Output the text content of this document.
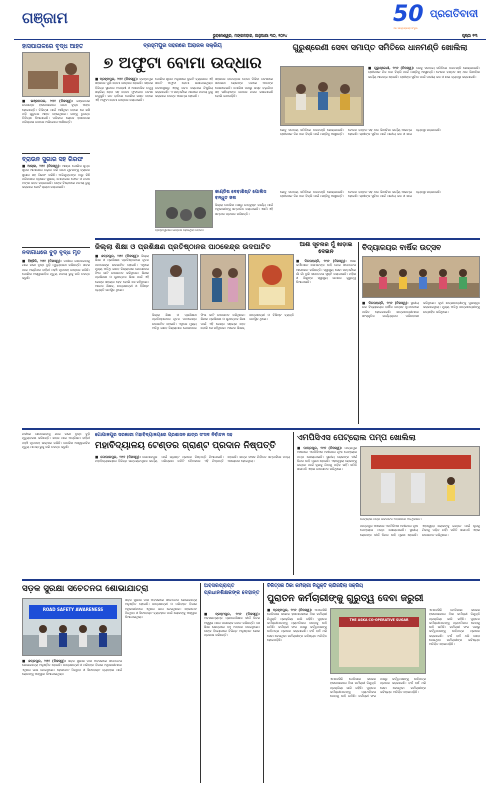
ଗଞ୍ଜାମ	50
ଏକ ସତ୍ୟାଶ୍ରୟୀ ସଂସ୍ଥାନ
ପ୍ରଗତିବାଦୀ
ଭୁବନେଶ୍ୱର, ମଙ୍ଗଳବାର, ଜାନୁଆରୀ ୩୦, ୨୦୨୪	ପୃଷ୍ଠା ୧୩
ହାସପାତାଳରେ ବୃଦ୍ଧ ଆହତ
■ ଭଞ୍ଜନଗର, ୨୯ା୧ (ନିଜସ୍ୱ): ଭଞ୍ଜନଗର ଉପଖଣ୍ଡ ହାସପାତାଳରେ ଜଣେ ବୃଦ୍ଧ ଆହତ ହୋଇଛନ୍ତି। ଚିକିତ୍ସା ପାଇଁ ଆସିଥିବା ବେଳେ ସେ ଖସି ପଡ଼ି ଗୁରୁତର ଆହତ ହୋଇଥିଲେ। ତାଙ୍କୁ ତୁରନ୍ତ ଚିକିତ୍ସା ଦିଆଯାଇଛି। ପରିବାର ଲୋକେ ହାସପାତାଳ ପରିଚାଳନା ଉପରେ ଅଭିଯୋଗ ଆଣିଛନ୍ତି।
ବ୍ରହ୍ମପୁର ସହରରେ ଅରାଜକ ସକ୍ରିୟ
୭ ଅଫୁଟା ବୋମା ଉଦ୍ଧାର
■ ବ୍ରହ୍ମପୁର, ୨୯ା୧ (ନିଜସ୍ୱ): ବ୍ରହ୍ମପୁର ସହରରେ ପୁଣି ବୋମା ଉଦ୍ଧାର ହୋଇଛି। ସହରର ବିଭିନ୍ନ ସ୍ଥାନରେ ଅପରାଧୀ ଓ ଅସାମାଜିକ ତତ୍ତ୍ୱ ସକ୍ରିୟ ହେବା ସହ ବୋମା ଫୁଟାଇବା ଘଟଣା ଉପୁଜୁଛି। ଗତ ରାତିରେ ପୋଲିସ ଗସ୍ତ ବେଳେ ଏହି ଅଫୁଟା ବୋମା ଉଦ୍ଧାର କରାଯାଇଛି।
ପୋଲିସ ସୂଚନା ଅନୁସାରେ ଦୁଇଟି ବ୍ୟାଗରେ ଏହି ସାତଟି ଅଫୁଟା ବୋମା ରଖାଯାଇଥିଲା। ଘଟଣାସ୍ଥଳରୁ ଏହାକୁ ଜବତ କରାଯାଇ ନିଷ୍କ୍ରିୟ କରାଯାଇଛି। ଏ ସମ୍ପର୍କରେ ଥାନାରେ ମାମଲା ରୁଜୁ କରାଯାଇ ତଦନ୍ତ ଆରମ୍ଭ ହୋଇଛି।
ସହରରେ ବାରମ୍ବାର ବୋମା ମିଳିବା ଘଟଣାରେ ସାଧାରଣ ଲୋକଙ୍କ ମନରେ ଆତଙ୍କ ଦେଖାଦେଇଛି। ପୋଲିସ ପକ୍ଷରୁ ଗସ୍ତ ବଢ଼ାଯିବା ସହ ସନ୍ଦିଗ୍ଧଙ୍କ ଉପରେ ନଜର ରଖାଯାଇଛି ବୋଲି ଜଣାପଡ଼ିଛି।
ଗୁରୁଶ୍ରେଣୀ ସେବା ସମାପ୍ତ ସମିତିରେ ଧାନମଣ୍ଡି ଖୋଲିଲା
■ ଗୁରୁଶ୍ରେଣୀ, ୨୯ା୧ (ନିଜସ୍ୱ): ଲେବୁ ସମବାୟ ସମିତିରେ ଧାନମଣ୍ଡି ଖୋଲାଯାଇଛି। ଚାଷୀମାନେ ନିଜ ଧାନ ବିକ୍ରି ପାଇଁ ମଣ୍ଡିକୁ ଆସୁଛନ୍ତି। ଟୋକନ ବଣ୍ଟନ ସହ ଧାନ କିଣାବିକା କାର୍ଯ୍ୟ ଆରମ୍ଭ ହୋଇଛି। ଚାଷୀଙ୍କ ସୁବିଧା ପାଇଁ ପାନୀୟ ଜଳ ଓ ଛାଇ ବ୍ୟବସ୍ଥା କରାଯାଇଛି।
ଲେବୁ ସମବାୟ ସମିତିରେ ଧାନମଣ୍ଡି ଖୋଲାଯାଇଛି। ଚାଷୀମାନେ ନିଜ ଧାନ ବିକ୍ରି ପାଇଁ ମଣ୍ଡିକୁ ଆସୁଛନ୍ତି। ଟୋକନ ବଣ୍ଟନ ସହ ଧାନ କିଣାବିକା କାର୍ଯ୍ୟ ଆରମ୍ଭ ହୋଇଛି। ଚାଷୀଙ୍କ ସୁବିଧା ପାଇଁ ପାନୀୟ ଜଳ ଓ ଛାଇ ବ୍ୟବସ୍ଥା କରାଯାଇଛି।
ବ୍ରାଉନ ସୁଗାର ସହ ଗିରଫ
■ ଆସ୍କା, ୨୯ା୧ (ନିଜସ୍ୱ): ଆସ୍କା ପୋଲିସ ଗୁପ୍ତ ସୂଚନା ଆଧାରରେ ଚଢ଼ାଉ କରି ଜଣେ ଯୁବକଙ୍କୁ ବ୍ରାଉନ ସୁଗାର ସହ ଗିରଫ କରିଛି। ଅଭିଯୁକ୍ତଙ୍କ ଠାରୁ କିଛି ପରିମାଣର ବ୍ରାଉନ ସୁଗାର, ମୋବାଇଲ ଫୋନ ଓ ନଗଦ ଟଙ୍କା ଜବତ କରାଯାଇଛି। ତାଙ୍କ ବିରୋଧରେ ମାମଲା ରୁଜୁ କରାଯାଇ କୋର୍ଟ ଚାଲାଣ କରାଯାଇଛି।
ବ୍ରହ୍ମପୁରରେ ଉଦ୍ଧାର ହୋଇଥିବା ବୋମା।
କାଣ୍ଡିଷ ଦେବାଶିଷ୍ଟ ପୋଲିସ ବନ୍ଧୁତ ଜନା
ଜିଲ୍ଲା ପୋଲିସ ପକ୍ଷରୁ ଉତ୍କୃଷ୍ଟ କାର୍ଯ୍ୟ ପାଇଁ ଅଧିକାରୀଙ୍କୁ ସମ୍ମାନିତ କରାଯାଇଛି। ଏସପି ଏହି ସମ୍ମାନ ପ୍ରଦାନ କରିଛନ୍ତି।
ଲେବୁ ସମବାୟ ସମିତିରେ ଧାନମଣ୍ଡି ଖୋଲାଯାଇଛି। ଚାଷୀମାନେ ନିଜ ଧାନ ବିକ୍ରି ପାଇଁ ମଣ୍ଡିକୁ ଆସୁଛନ୍ତି। ଟୋକନ ବଣ୍ଟନ ସହ ଧାନ କିଣାବିକା କାର୍ଯ୍ୟ ଆରମ୍ଭ ହୋଇଛି। ଚାଷୀଙ୍କ ସୁବିଧା ପାଇଁ ପାନୀୟ ଜଳ ଓ ଛାଇ ବ୍ୟବସ୍ଥା କରାଯାଇଛି।
ଜିଲ୍ଲା ଶିକ୍ଷା ଓ ପ୍ରଶିକ୍ଷଣ ପ୍ରତିଷ୍ଠାନର ପାଠକେନ୍ଦ୍ର ଉଦଘାଟିତ
■ ଛତ୍ରପୁର, ୨୯ା୧ (ନିଜସ୍ୱ): ଜିଲ୍ଲା ଶିକ୍ଷା ଓ ପ୍ରଶିକ୍ଷଣ ପ୍ରତିଷ୍ଠାନରେ ନୂତନ ପାଠକେନ୍ଦ୍ର ଉଦଘାଟିତ ହୋଇଛି। ଏଥିରେ ମୁଖ୍ୟ ଅତିଥି ଭାବେ ଜିଲ୍ଲାପାଳ ଯୋଗଦେଇ ଫିତା କାଟି ଉଦଘାଟନ କରିଥିଲେ। ଶିକ୍ଷକ ପ୍ରଶିକ୍ଷଣ ଓ ଗୁଣାତ୍ମକ ଶିକ୍ଷା ପାଇଁ ଏହି କେନ୍ଦ୍ର ସହାୟକ ହେବ ବୋଲି ସେ କହିଥିଲେ। ଅନେକ ଶିକ୍ଷକ, ଛାତ୍ରଛାତ୍ରୀ ଓ ବିଶିଷ୍ଟ ବ୍ୟକ୍ତି ଉପସ୍ଥିତ ଥିଲେ।
ଜିଲ୍ଲା ଶିକ୍ଷା ଓ ପ୍ରଶିକ୍ଷଣ ପ୍ରତିଷ୍ଠାନରେ ନୂତନ ପାଠକେନ୍ଦ୍ର ଉଦଘାଟିତ ହୋଇଛି। ଏଥିରେ ମୁଖ୍ୟ ଅତିଥି ଭାବେ ଜିଲ୍ଲାପାଳ ଯୋଗଦେଇ ଫିତା କାଟି ଉଦଘାଟନ କରିଥିଲେ। ଶିକ୍ଷକ ପ୍ରଶିକ୍ଷଣ ଓ ଗୁଣାତ୍ମକ ଶିକ୍ଷା ପାଇଁ ଏହି କେନ୍ଦ୍ର ସହାୟକ ହେବ ବୋଲି ସେ କହିଥିଲେ। ଅନେକ ଶିକ୍ଷକ, ଛାତ୍ରଛାତ୍ରୀ ଓ ବିଶିଷ୍ଟ ବ୍ୟକ୍ତି ଉପସ୍ଥିତ ଥିଲେ।
ଆଶା ସୂଚନାର ମୁଁ ଖାଡ଼ାଇ ଦେଇନ
■ ଦିଗପହଣ୍ଡି, ୨୯ା୧ (ନିଜସ୍ୱ): ଆଶା କର୍ମୀମାନେ ସେମାନଙ୍କ ଦାବି ନେଇ ସଚେତନତା ଆନ୍ଦୋଳନ କରିଛନ୍ତି। ସ୍ୱାସ୍ଥ୍ୟ ସେବା ସମ୍ପର୍କରେ ଗାଁ ଗାଁ ବୁଲି ସଚେତନତା ସୃଷ୍ଟି କରାଯାଉଛି। ମହିଳା ଓ ଶିଶୁଙ୍କ ସ୍ୱାସ୍ଥ୍ୟ ଉପରେ ଗୁରୁତ୍ୱ ଦିଆଯାଉଛି।
ବିଦ୍ୟାଳୟର ବାର୍ଷିକ ଉତ୍ସବ
■ ଦିଗପହଣ୍ଡି, ୨୯ା୧ (ନିଜସ୍ୱ): ସ୍ଥାନୀୟ ଉଚ୍ଚ ବିଦ୍ୟାଳୟର ବାର୍ଷିକ ଉତ୍ସବ ଧୁମଧାମରେ ପାଳିତ ହୋଇଯାଇଛି। ଛାତ୍ରଛାତ୍ରୀମାନେ ସାଂସ୍କୃତିକ କାର୍ଯ୍ୟକ୍ରମ ପରିବେଷଣ କରିଥିଲେ। କୃତୀ ଛାତ୍ରଛାତ୍ରୀଙ୍କୁ ପୁରସ୍କୃତ କରାଯାଇଥିଲା। ମୁଖ୍ୟ ଅତିଥି ଛାତ୍ରଛାତ୍ରୀଙ୍କୁ ଉତ୍ସାହିତ କରିଥିଲେ।
ନଦୀଗାଧରେ ବୁଡ଼ି ବୃଦ୍ଧ ମୃତ
■ ହିଞ୍ଜିଳି, ୨୯ା୧ (ନିଜସ୍ୱ): ନଦୀରେ ଗାଧୋଇବାକୁ ଯାଇ ଜଣେ ବୃଦ୍ଧ ବୁଡ଼ି ମୃତ୍ୟୁବରଣ କରିଛନ୍ତି। ଖବର ପାଇ ଅଗ୍ନିଶମ ବାହିନୀ ପହଞ୍ଚି ମୃତଦେହ ଉଦ୍ଧାର କରିଛି। ପୋଲିସ ଅସ୍ୱାଭାବିକ ମୃତ୍ୟୁ ମାମଲା ରୁଜୁ କରି ତଦନ୍ତ କରୁଛି।
ଗୋପାଳପୁର ସରକାରୀ ମହାବିଦ୍ୟାଳୟରେ ପ୍ରଶାସନ ଛାତ୍ର ସଂସଦ ନିର୍ବାଚନ ସହ
ମହାବିଦ୍ୟାଳୟ ଟେଣ୍ଡର ଗ୍ରାଣ୍ଟ ପ୍ରଦାନ ନିଷ୍ପତ୍ତି
■ ଗୋପାଳପୁର, ୨୯ା୧ (ନିଜସ୍ୱ): ଗୋପାଳପୁର ମହାବିଦ୍ୟାଳୟରେ ବିଭିନ୍ନ ଉନ୍ନୟନମୂଳକ କାର୍ଯ୍ୟ ପାଇଁ ଗ୍ରାଣ୍ଟ ପ୍ରଦାନ ନିଷ୍ପତ୍ତି ନିଆଯାଇଛି। ପରିଚାଳନା କମିଟି ବୈଠକରେ ଏହି ନିଷ୍ପତ୍ତି ହୋଇଛି। ଛାତ୍ର ସଂସଦ ନିର୍ବାଚନ ସମ୍ପର୍କରେ ମଧ୍ୟ ଆଲୋଚନା ହୋଇଥିଲା।
ଏମପିସିଏସ ପେଟ୍ରୋଲ ପମ୍ପ ଖୋଲିଲା
■ ପାତ୍ରପୁର, ୨୯ା୧ (ନିଜସ୍ୱ): ପାତ୍ରପୁର ଅଞ୍ଚଳରେ ଏମପିସିଏସ ଅଧୀନରେ ନୂଆ ପେଟ୍ରୋଲ ପମ୍ପ ଖୋଲାଯାଇଛି। ସ୍ଥାନୀୟ ଲୋକଙ୍କ ଦୀର୍ଘ ଦିନର ଦାବି ପୂରଣ ହୋଇଛି। ଏହାଦ୍ୱାରା ଲୋକଙ୍କୁ ଇନ୍ଧନ ପାଇଁ ଦୂରକୁ ଯିବାକୁ ପଡ଼ିବ ନାହିଁ। ସମିତି ସଭାପତି ଏହାର ଉଦଘାଟନ କରିଥିଲେ।
ପେଟ୍ରୋଲ ପମ୍ପ ଉଦଘାଟନ ଅବସରରେ ଅତିଥିମାନେ।
ପାତ୍ରପୁର ଅଞ୍ଚଳରେ ଏମପିସିଏସ ଅଧୀନରେ ନୂଆ ପେଟ୍ରୋଲ ପମ୍ପ ଖୋଲାଯାଇଛି। ସ୍ଥାନୀୟ ଲୋକଙ୍କ ଦୀର୍ଘ ଦିନର ଦାବି ପୂରଣ ହୋଇଛି। ଏହାଦ୍ୱାରା ଲୋକଙ୍କୁ ଇନ୍ଧନ ପାଇଁ ଦୂରକୁ ଯିବାକୁ ପଡ଼ିବ ନାହିଁ। ସମିତି ସଭାପତି ଏହାର ଉଦଘାଟନ କରିଥିଲେ।
ନଦୀରେ ଗାଧୋଇବାକୁ ଯାଇ ଜଣେ ବୃଦ୍ଧ ବୁଡ଼ି ମୃତ୍ୟୁବରଣ କରିଛନ୍ତି। ଖବର ପାଇ ଅଗ୍ନିଶମ ବାହିନୀ ପହଞ୍ଚି ମୃତଦେହ ଉଦ୍ଧାର କରିଛି। ପୋଲିସ ଅସ୍ୱାଭାବିକ ମୃତ୍ୟୁ ମାମଲା ରୁଜୁ କରି ତଦନ୍ତ କରୁଛି।
ସଡ଼କ ସୁରକ୍ଷା ସଚେତନତା ଶୋଭାଯାତ୍ରା
ROAD SAFETY AWARENESS
ସଡ଼କ ସୁରକ୍ଷା ମାସ ଅବସରରେ ସଚେତନତା ଶୋଭାଯାତ୍ରା ଅନୁଷ୍ଠିତ ହୋଇଛି। ଛାତ୍ରଛାତ୍ରୀ ଓ ପରିବହନ ବିଭାଗ ଅଧିକାରୀମାନେ ଏଥିରେ ଭାଗ ନେଇଥିଲେ। ହେଲମେଟ ପିନ୍ଧିବା ଓ ସିଟବେଲ୍ଟ ବ୍ୟବହାର ପାଇଁ ଲୋକଙ୍କୁ ଆହ୍ୱାନ ଦିଆଯାଇଥିଲା।
■ ଛତ୍ରପୁର, ୨୯ା୧ (ନିଜସ୍ୱ): ସଡ଼କ ସୁରକ୍ଷା ମାସ ଅବସରରେ ସଚେତନତା ଶୋଭାଯାତ୍ରା ଅନୁଷ୍ଠିତ ହୋଇଛି। ଛାତ୍ରଛାତ୍ରୀ ଓ ପରିବହନ ବିଭାଗ ଅଧିକାରୀମାନେ ଏଥିରେ ଭାଗ ନେଇଥିଲେ। ହେଲମେଟ ପିନ୍ଧିବା ଓ ସିଟବେଲ୍ଟ ବ୍ୟବହାର ପାଇଁ ଲୋକଙ୍କୁ ଆହ୍ୱାନ ଦିଆଯାଇଥିଲା।
ଅବସରପ୍ରାପ୍ତ ପ୍ରଧାନଶିକ୍ଷକଙ୍କ ଦେହାନ୍ତ
■ ବ୍ରହ୍ମପୁର, ୨୯ା୧ (ନିଜସ୍ୱ): ଅବସରପ୍ରାପ୍ତ ପ୍ରଧାନଶିକ୍ଷକ ଦୀର୍ଘ ଦିନର ଅସୁସ୍ଥତା ପରେ ପରଲୋକ ଗମନ କରିଛନ୍ତି। ସେ ଶିକ୍ଷା କ୍ଷେତ୍ରରେ ବହୁ ଅବଦାନ ଦେଇଥିଲେ। ତାଙ୍କ ବିୟୋଗରେ ବିଭିନ୍ନ ଅନୁଷ୍ଠାନ ଶୋକ ପ୍ରକାଶ କରିଛନ୍ତି।
ଚିକିତ୍ସକ ଠିକା କର୍ମଚାରୀ ନିଯୁକ୍ତି ଲାଗିରହିଲା ସକ୍ରିୟ
ପୁରାତନ କର୍ମଚାରୀଙ୍କୁ ଗୁରୁତ୍ୱ ଦେବା ଜରୁରୀ
■ ବ୍ରହ୍ମପୁର, ୨୯ା୧ (ନିଜସ୍ୱ): ଏମକେସିଜି ମେଡିକାଲ କଲେଜ ହାସପାତାଳରେ ଠିକା କର୍ମଚାରୀ ନିଯୁକ୍ତି ପ୍ରକ୍ରିୟା ଜାରି ରହିଛି। ପୁରାତନ କର୍ମଚାରୀମାନଙ୍କୁ ପ୍ରାଥମିକତା ଦେବାକୁ ଦାବି ଉଠିଛି। କର୍ମଚାରୀ ସଂଘ ପକ୍ଷରୁ କର୍ତ୍ତୃପକ୍ଷଙ୍କୁ ଦାବିପତ୍ର ପ୍ରଦାନ କରାଯାଇଛି। ବର୍ଷ ବର୍ଷ ଧରି ସେବା ଦେଉଥିବା କର୍ମଚାରୀଙ୍କ ଭବିଷ୍ୟତ ଅନିଶ୍ଚିତ ହୋଇପଡ଼ିଛି।
THE ASKA CO-OPERATIVE SUGAR
ଏମକେସିଜି ମେଡିକାଲ କଲେଜ ହାସପାତାଳରେ ଠିକା କର୍ମଚାରୀ ନିଯୁକ୍ତି ପ୍ରକ୍ରିୟା ଜାରି ରହିଛି। ପୁରାତନ କର୍ମଚାରୀମାନଙ୍କୁ ପ୍ରାଥମିକତା ଦେବାକୁ ଦାବି ଉଠିଛି। କର୍ମଚାରୀ ସଂଘ ପକ୍ଷରୁ କର୍ତ୍ତୃପକ୍ଷଙ୍କୁ ଦାବିପତ୍ର ପ୍ରଦାନ କରାଯାଇଛି। ବର୍ଷ ବର୍ଷ ଧରି ସେବା ଦେଉଥିବା କର୍ମଚାରୀଙ୍କ ଭବିଷ୍ୟତ ଅନିଶ୍ଚିତ ହୋଇପଡ଼ିଛି।
ଏମକେସିଜି ମେଡିକାଲ କଲେଜ ହାସପାତାଳରେ ଠିକା କର୍ମଚାରୀ ନିଯୁକ୍ତି ପ୍ରକ୍ରିୟା ଜାରି ରହିଛି। ପୁରାତନ କର୍ମଚାରୀମାନଙ୍କୁ ପ୍ରାଥମିକତା ଦେବାକୁ ଦାବି ଉଠିଛି। କର୍ମଚାରୀ ସଂଘ ପକ୍ଷରୁ କର୍ତ୍ତୃପକ୍ଷଙ୍କୁ ଦାବିପତ୍ର ପ୍ରଦାନ କରାଯାଇଛି। ବର୍ଷ ବର୍ଷ ଧରି ସେବା ଦେଉଥିବା କର୍ମଚାରୀଙ୍କ ଭବିଷ୍ୟତ ଅନିଶ୍ଚିତ ହୋଇପଡ଼ିଛି।
